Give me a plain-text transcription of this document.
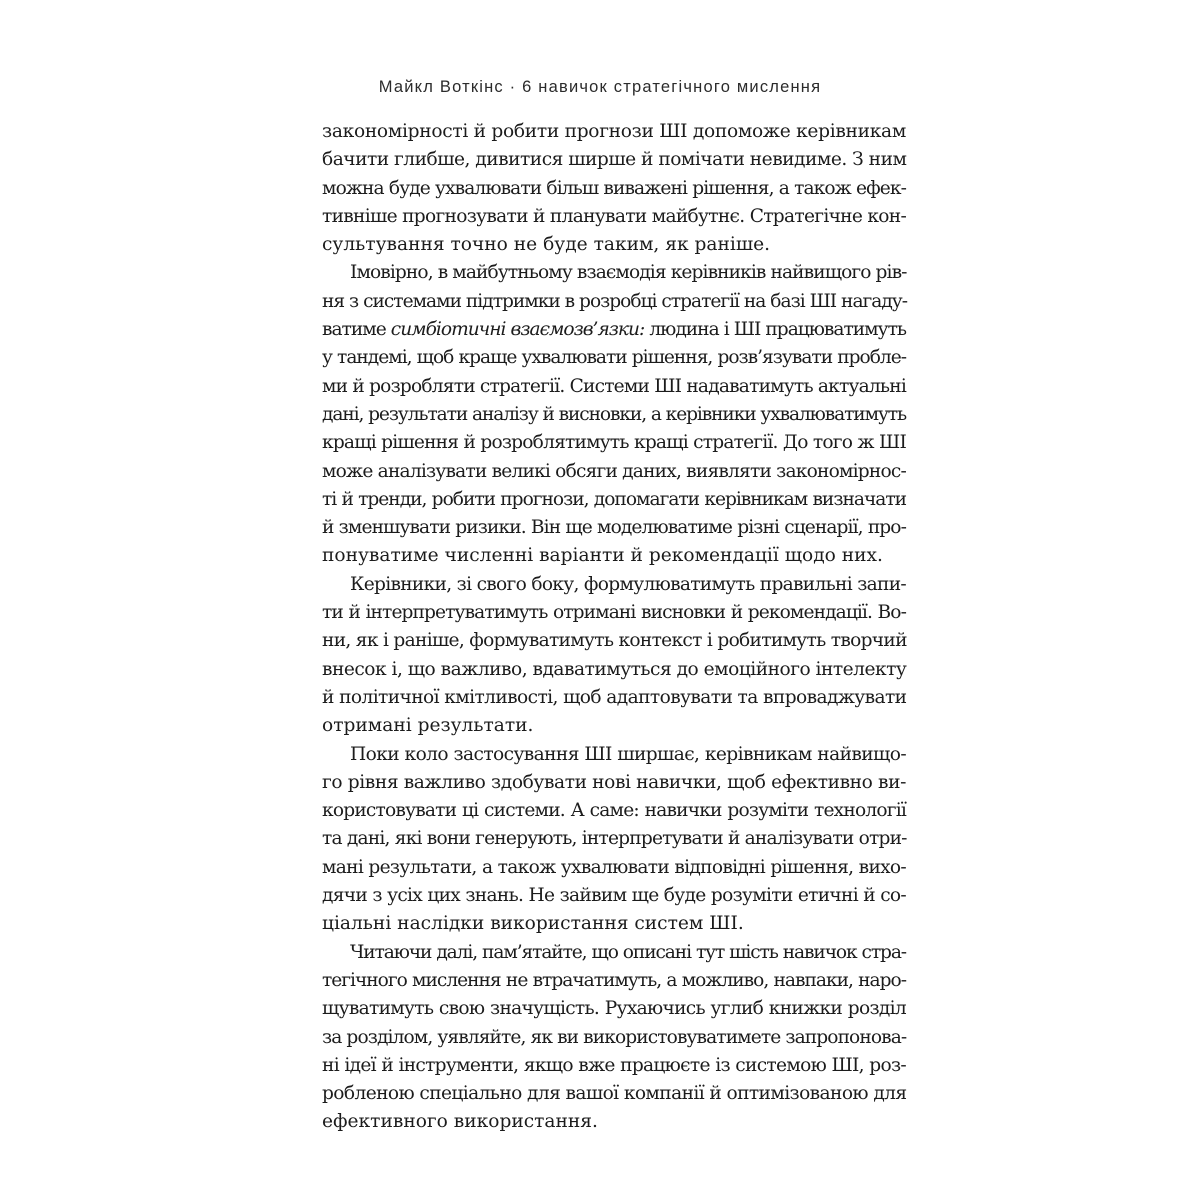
Майкл Воткінс · 6 навичок стратегічного мислення
закономірності й робити прогнози ШІ допоможе керівникам
бачити глибше, дивитися ширше й помічати невидиме. З ним
можна буде ухвалювати більш виважені рішення, а також ефек-
тивніше прогнозувати й планувати майбутнє. Стратегічне кон-
сультування точно не буде таким, як раніше.
Імовірно, в майбутньому взаємодія керівників найвищого рів-
ня з системами підтримки в розробці стратегії на базі ШІ нагаду-
ватиме симбіотичні взаємозв’язки: людина і ШІ працюватимуть
у тандемі, щоб краще ухвалювати рішення, розв’язувати пробле-
ми й розробляти стратегії. Системи ШІ надаватимуть актуальні
дані, результати аналізу й висновки, а керівники ухвалюватимуть
кращі рішення й розроблятимуть кращі стратегії. До того ж ШІ
може аналізувати великі обсяги даних, виявляти закономірнос-
ті й тренди, робити прогнози, допомагати керівникам визначати
й зменшувати ризики. Він ще моделюватиме різні сценарії, про-
понуватиме численні варіанти й рекомендації щодо них.
Керівники, зі свого боку, формулюватимуть правильні запи-
ти й інтерпретуватимуть отримані висновки й рекомендації. Во-
ни, як і раніше, формуватимуть контекст і робитимуть творчий
внесок і, що важливо, вдаватимуться до емоційного інтелекту
й політичної кмітливості, щоб адаптовувати та впроваджувати
отримані результати.
Поки коло застосування ШІ ширшає, керівникам найвищо-
го рівня важливо здобувати нові навички, щоб ефективно ви-
користовувати ці системи. А саме: навички розуміти технології
та дані, які вони генерують, інтерпретувати й аналізувати отри-
мані результати, а також ухвалювати відповідні рішення, вихо-
дячи з усіх цих знань. Не зайвим ще буде розуміти етичні й со-
ціальні наслідки використання систем ШІ.
Читаючи далі, пам’ятайте, що описані тут шість навичок стра-
тегічного мислення не втрачатимуть, а можливо, навпаки, наро-
щуватимуть свою значущість. Рухаючись углиб книжки розділ
за розділом, уявляйте, як ви використовуватимете запропонова-
ні ідеї й інструменти, якщо вже працюєте із системою ШІ, роз-
робленою спеціально для вашої компанії й оптимізованою для
ефективного використання.
